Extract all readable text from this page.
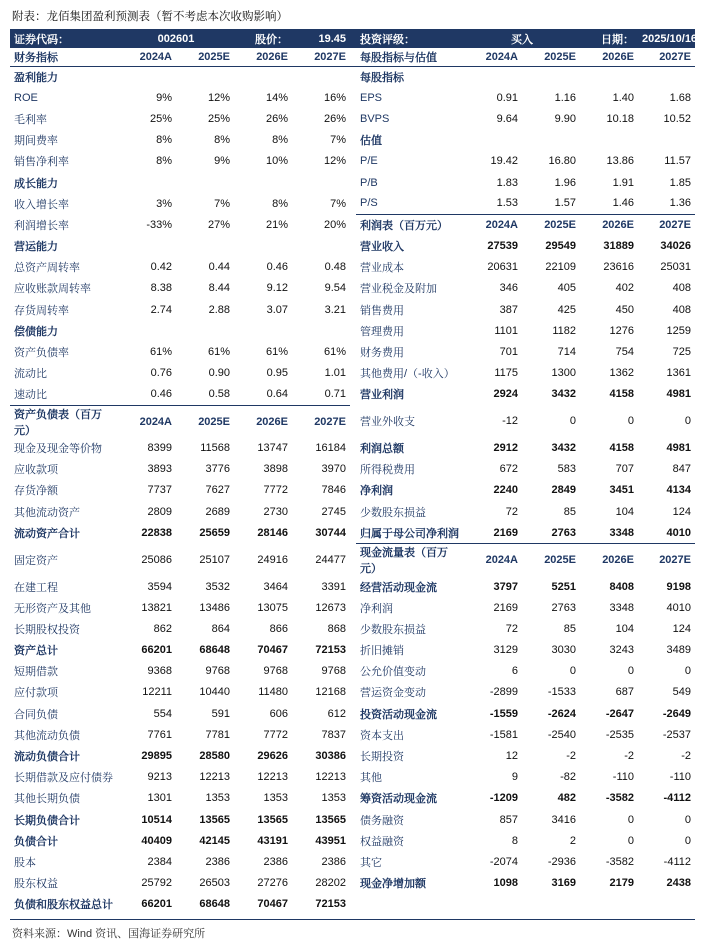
附表：龙佰集团盈利预测表（暂不考虑本次收购影响）
证券代码：	002601		股价：	19.45		投资评级：	买入		日期：	2025/10/16
财务指标	2024A	2025E	2026E	2027E		每股指标与估值	2024A	2025E	2026E	2027E
盈利能力						每股指标				
ROE	9%	12%	14%	16%		EPS	0.91	1.16	1.40	1.68
毛利率	25%	25%	26%	26%		BVPS	9.64	9.90	10.18	10.52
期间费率	8%	8%	8%	7%		估值				
销售净利率	8%	9%	10%	12%		P/E	19.42	16.80	13.86	11.57
成长能力						P/B	1.83	1.96	1.91	1.85
收入增长率	3%	7%	8%	7%		P/S	1.53	1.57	1.46	1.36
利润增长率	-33%	27%	21%	20%		利润表（百万元）	2024A	2025E	2026E	2027E
营运能力						营业收入	27539	29549	31889	34026
总资产周转率	0.42	0.44	0.46	0.48		营业成本	20631	22109	23616	25031
应收账款周转率	8.38	8.44	9.12	9.54		营业税金及附加	346	405	402	408
存货周转率	2.74	2.88	3.07	3.21		销售费用	387	425	450	408
偿债能力						管理费用	1101	1182	1276	1259
资产负债率	61%	61%	61%	61%		财务费用	701	714	754	725
流动比	0.76	0.90	0.95	1.01		其他费用/（-收入）	1175	1300	1362	1361
速动比	0.46	0.58	0.64	0.71		营业利润	2924	3432	4158	4981
资产负债表（百万元）	2024A	2025E	2026E	2027E		营业外收支	-12	0	0	0
现金及现金等价物	8399	11568	13747	16184		利润总额	2912	3432	4158	4981
应收款项	3893	3776	3898	3970		所得税费用	672	583	707	847
存货净额	7737	7627	7772	7846		净利润	2240	2849	3451	4134
其他流动资产	2809	2689	2730	2745		少数股东损益	72	85	104	124
流动资产合计	22838	25659	28146	30744		归属于母公司净利润	2169	2763	3348	4010
固定资产	25086	25107	24916	24477		现金流量表（百万元）	2024A	2025E	2026E	2027E
在建工程	3594	3532	3464	3391		经营活动现金流	3797	5251	8408	9198
无形资产及其他	13821	13486	13075	12673		净利润	2169	2763	3348	4010
长期股权投资	862	864	866	868		少数股东损益	72	85	104	124
资产总计	66201	68648	70467	72153		折旧摊销	3129	3030	3243	3489
短期借款	9368	9768	9768	9768		公允价值变动	6	0	0	0
应付款项	12211	10440	11480	12168		营运资金变动	-2899	-1533	687	549
合同负债	554	591	606	612		投资活动现金流	-1559	-2624	-2647	-2649
其他流动负债	7761	7781	7772	7837		资本支出	-1581	-2540	-2535	-2537
流动负债合计	29895	28580	29626	30386		长期投资	12	-2	-2	-2
长期借款及应付债券	9213	12213	12213	12213		其他	9	-82	-110	-110
其他长期负债	1301	1353	1353	1353		筹资活动现金流	-1209	482	-3582	-4112
长期负债合计	10514	13565	13565	13565		债务融资	857	3416	0	0
负债合计	40409	42145	43191	43951		权益融资	8	2	0	0
股本	2384	2386	2386	2386		其它	-2074	-2936	-3582	-4112
股东权益	25792	26503	27276	28202		现金净增加额	1098	3169	2179	2438
负债和股东权益总计	66201	68648	70467	72153						
资料来源：Wind 资讯、国海证券研究所
